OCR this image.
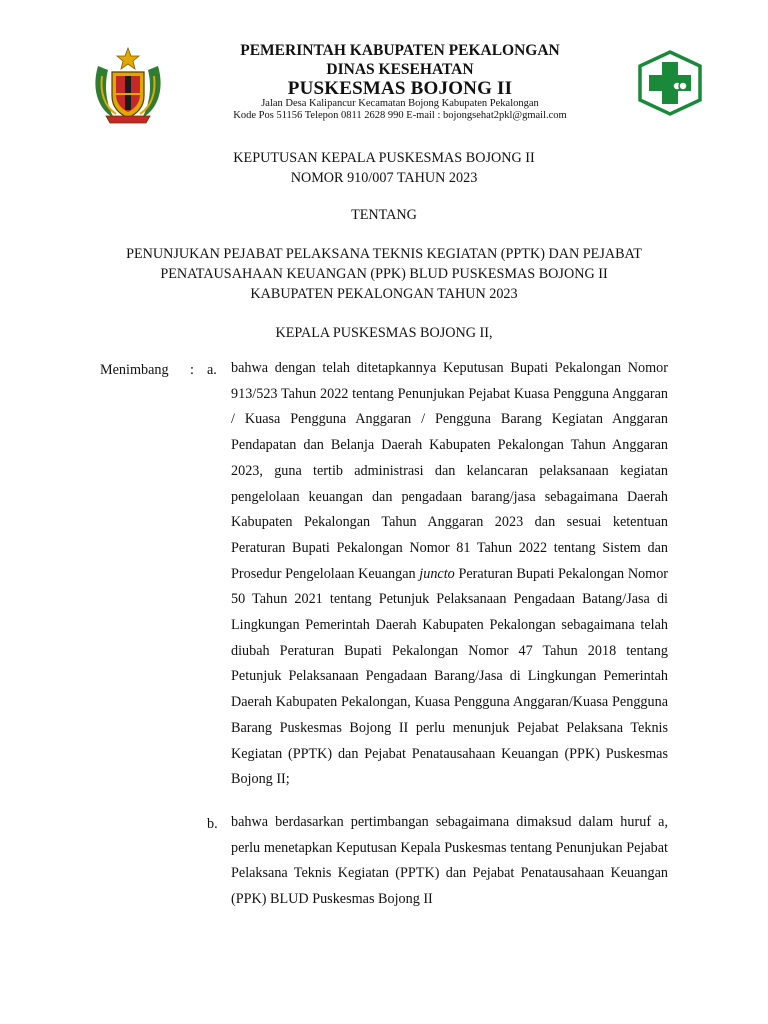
PEMERINTAH KABUPATEN PEKALONGAN
DINAS KESEHATAN
PUSKESMAS BOJONG II
Jalan Desa Kalipancur Kecamatan Bojong Kabupaten Pekalongan
Kode Pos 51156 Telepon 0811 2628 990 E-mail : bojongsehat2pkl@gmail.com
KEPUTUSAN KEPALA PUSKESMAS BOJONG II
NOMOR 910/007 TAHUN 2023
TENTANG
PENUNJUKAN PEJABAT PELAKSANA TEKNIS KEGIATAN (PPTK) DAN PEJABAT
PENATAUSAHAAN KEUANGAN (PPK) BLUD PUSKESMAS BOJONG II
KABUPATEN PEKALONGAN TAHUN 2023
KEPALA PUSKESMAS BOJONG II,
Menimbang : a. bahwa dengan telah ditetapkannya Keputusan Bupati Pekalongan Nomor 913/523 Tahun 2022 tentang Penunjukan Pejabat Kuasa Pengguna Anggaran / Kuasa Pengguna Anggaran / Pengguna Barang Kegiatan Anggaran Pendapatan dan Belanja Daerah Kabupaten Pekalongan Tahun Anggaran 2023, guna tertib administrasi dan kelancaran pelaksanaan kegiatan pengelolaan keuangan dan pengadaan barang/jasa sebagaimana Daerah Kabupaten Pekalongan Tahun Anggaran 2023 dan sesuai ketentuan Peraturan Bupati Pekalongan Nomor 81 Tahun 2022 tentang Sistem dan Prosedur Pengelolaan Keuangan juncto Peraturan Bupati Pekalongan Nomor 50 Tahun 2021 tentang Petunjuk Pelaksanaan Pengadaan Batang/Jasa di Lingkungan Pemerintah Daerah Kabupaten Pekalongan sebagaimana telah diubah Peraturan Bupati Pekalongan Nomor 47 Tahun 2018 tentang Petunjuk Pelaksanaan Pengadaan Barang/Jasa di Lingkungan Pemerintah Daerah Kabupaten Pekalongan, Kuasa Pengguna Anggaran/Kuasa Pengguna Barang Puskesmas Bojong II perlu menunjuk Pejabat Pelaksana Teknis Kegiatan (PPTK) dan Pejabat Penatausahaan Keuangan (PPK) Puskesmas Bojong II;
b. bahwa berdasarkan pertimbangan sebagaimana dimaksud dalam huruf a, perlu menetapkan Keputusan Kepala Puskesmas tentang Penunjukan Pejabat Pelaksana Teknis Kegiatan (PPTK) dan Pejabat Penatausahaan Keuangan (PPK) BLUD Puskesmas Bojong II
